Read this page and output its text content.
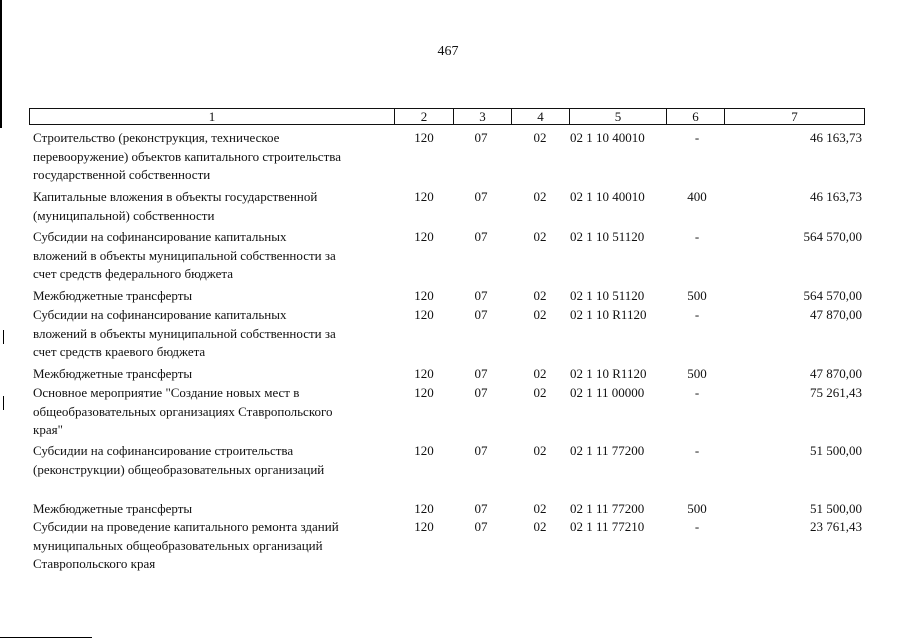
467
1	2	3	4	5	6	7
Строительство (реконструкция, техническое
перевооружение) объектов капитального строительства
государственной собственности
120	07	02	02 1 10 40010	-	46 163,73
Капитальные вложения в объекты государственной
(муниципальной) собственности
120	07	02	02 1 10 40010	400	46 163,73
Субсидии на софинансирование капитальных
вложений в объекты муниципальной собственности за
счет средств федерального бюджета
120	07	02	02 1 10 51120	-	564 570,00
Межбюджетные трансферты	120	07	02	02 1 10 51120	500	564 570,00
Субсидии на софинансирование капитальных
вложений в объекты муниципальной собственности за
счет средств краевого бюджета
120	07	02	02 1 10 R1120	-	47 870,00
Межбюджетные трансферты	120	07	02	02 1 10 R1120	500	47 870,00
Основное мероприятие "Создание новых мест в
общеобразовательных организациях Ставропольского
края"
120	07	02	02 1 11 00000	-	75 261,43
Субсидии на софинансирование строительства
(реконструкции) общеобразовательных организаций
120	07	02	02 1 11 77200	-	51 500,00
Межбюджетные трансферты	120	07	02	02 1 11 77200	500	51 500,00
Субсидии на проведение капитального ремонта зданий
муниципальных общеобразовательных организаций
Ставропольского края
120	07	02	02 1 11 77210	-	23 761,43
